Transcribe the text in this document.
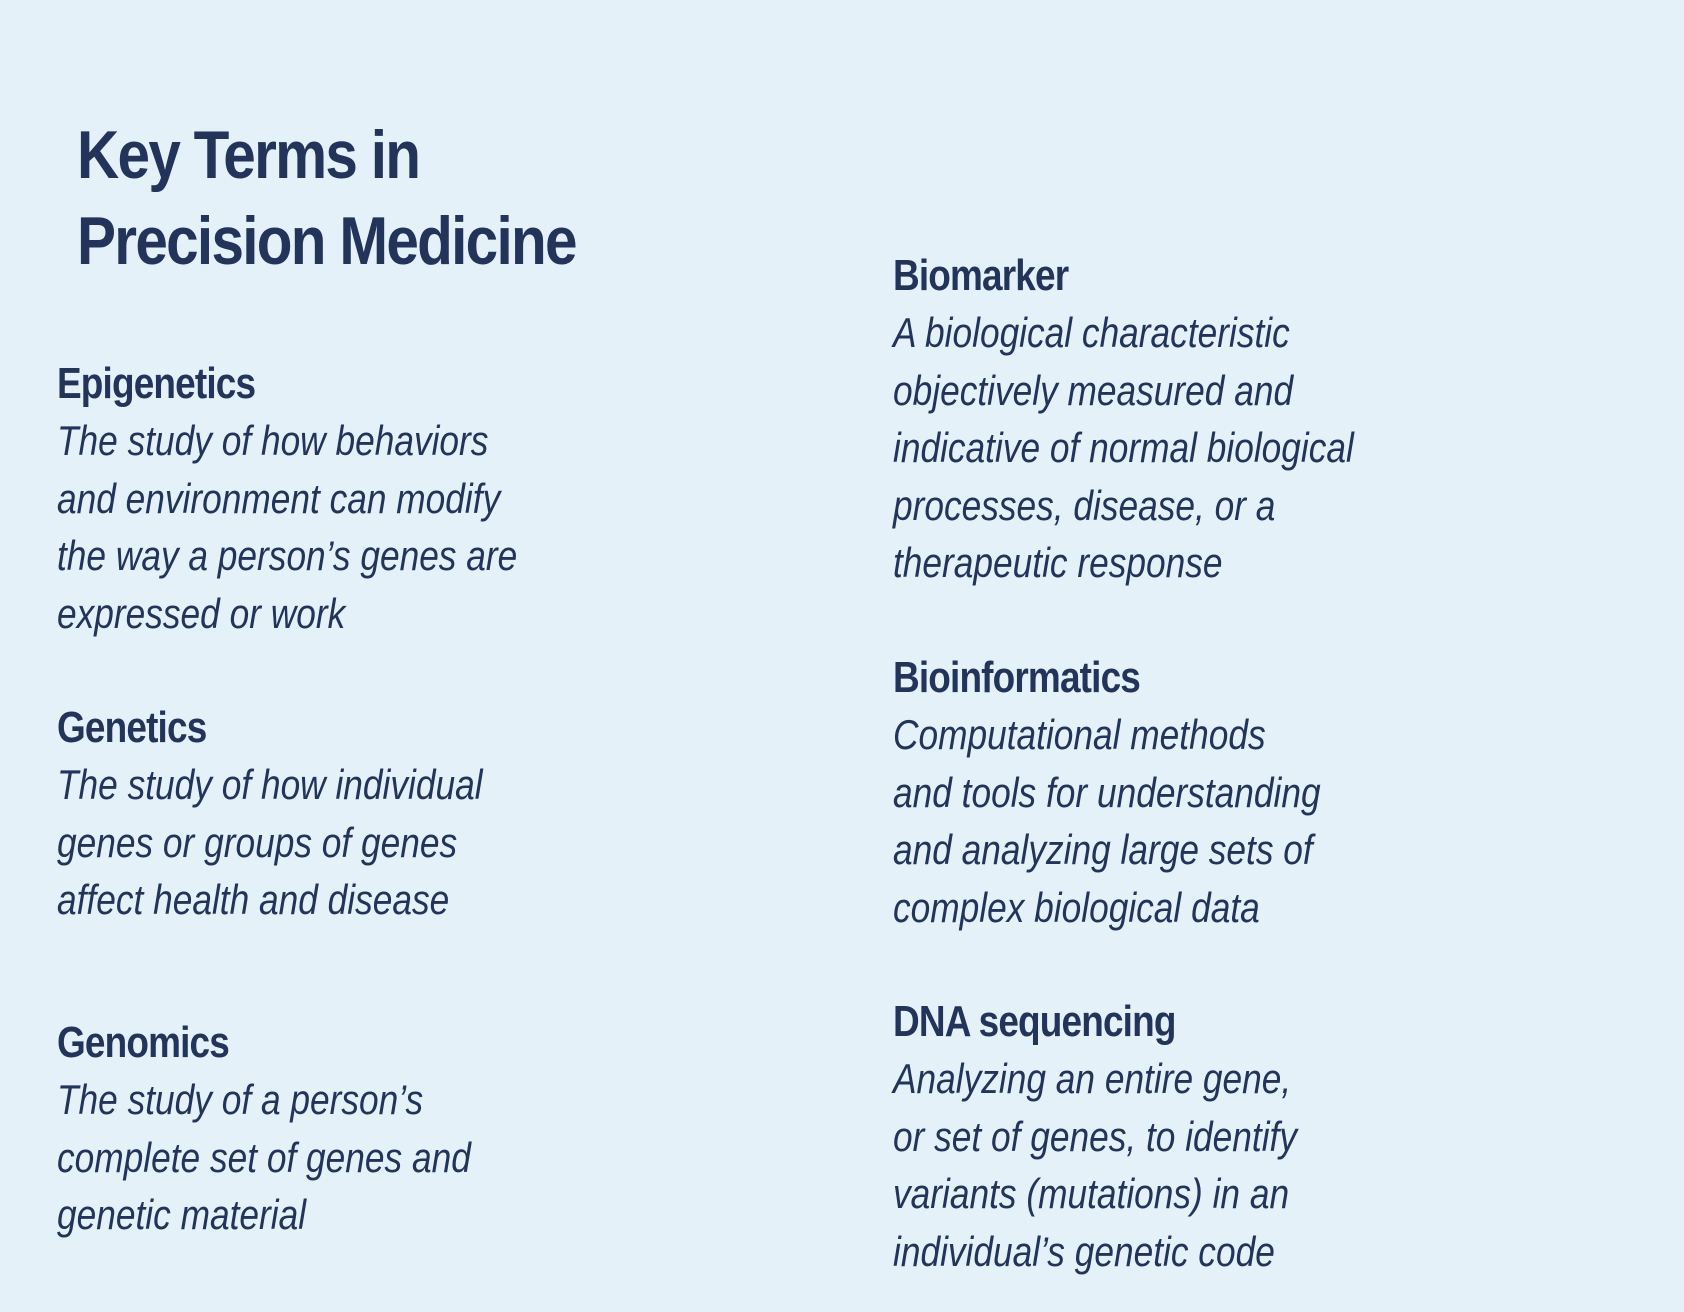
Key Terms in
Precision Medicine

Epigenetics

The study of how behaviors
and environment can modify
the way a person’s genes are
expressed or work

Genetics

The study of how individual
genes or groups of genes
affect health and disease

Genomics

The study of a person’s
complete set of genes and
genetic material

Biomarker

A biological characteristic
objectively measured and
indicative of normal biological
processes, disease, or a
therapeutic response

Bioinformatics

Computational methods
and tools for understanding
and analyzing large sets of
complex biological data

DNA sequencing

Analyzing an entire gene,
or set of genes, to identify
variants (mutations) in an
individual’s genetic code
